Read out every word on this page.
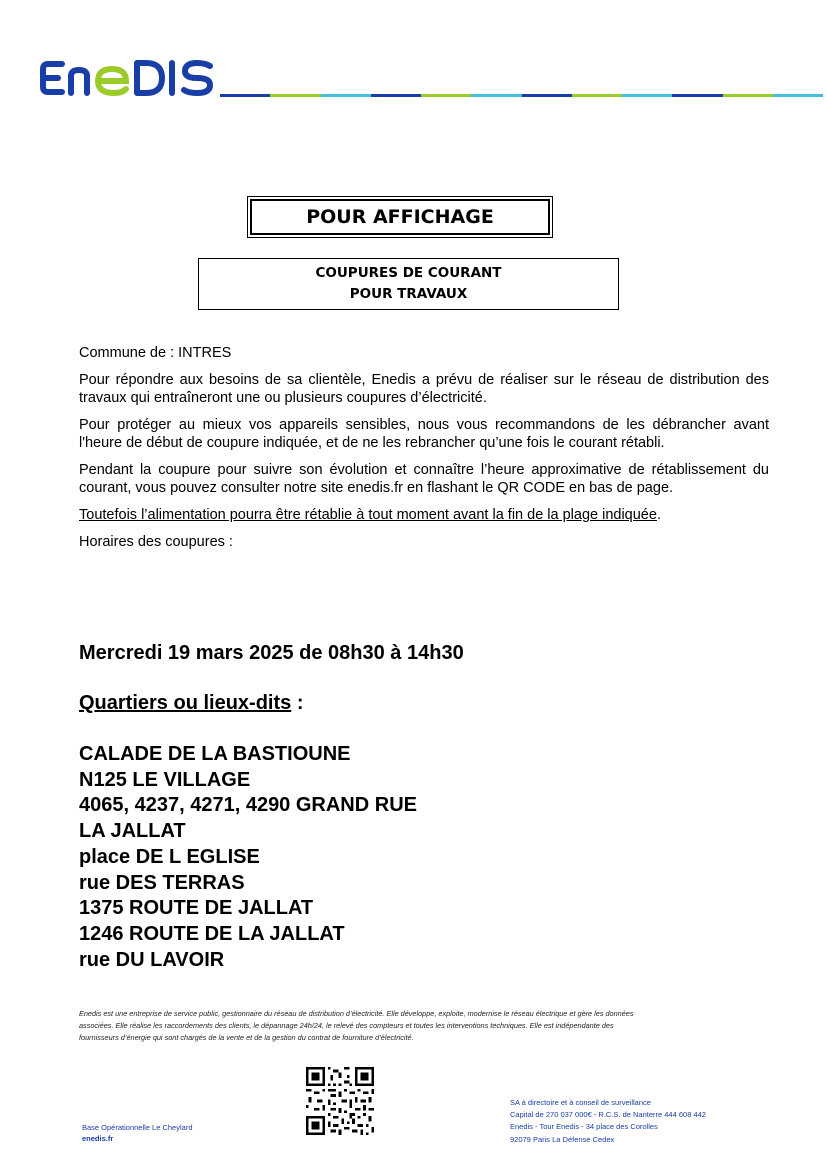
POUR AFFICHAGE
COUPURES DE COURANT
POUR TRAVAUX

Commune de : INTRES

Pour répondre aux besoins de sa clientèle, Enedis a prévu de réaliser sur le réseau de distribution des travaux qui entraîneront une ou plusieurs coupures d’électricité.

Pour protéger au mieux vos appareils sensibles, nous vous recommandons de les débrancher avant l'heure de début de coupure indiquée, et de ne les rebrancher qu’une fois le courant rétabli.

Pendant la coupure pour suivre son évolution et connaître l’heure approximative de rétablissement du courant, vous pouvez consulter notre site enedis.fr en flashant le QR CODE en bas de page.

Toutefois l’alimentation pourra être rétablie à tout moment avant la fin de la plage indiquée.

Horaires des coupures :

Mercredi 19 mars 2025 de 08h30 à 14h30
Quartiers ou lieux-dits :
CALADE DE LA BASTIOUNE
N125 LE VILLAGE
4065, 4237, 4271, 4290 GRAND RUE
LA JALLAT
place DE L EGLISE
rue DES TERRAS
1375 ROUTE DE JALLAT
1246 ROUTE DE LA JALLAT
rue DU LAVOIR
Enedis est une entreprise de service public, gestionnaire du réseau de distribution d’électricité. Elle développe, exploite, modernise le réseau électrique et gère les données
associées. Elle réalise les raccordements des clients, le dépannage 24h/24, le relevé des compteurs et toutes les interventions techniques. Elle est indépendante des
fournisseurs d’énergie qui sont chargés de la vente et de la gestion du contrat de fourniture d’électricité.
Base Opérationnelle Le Cheylard
enedis.fr
SA à directoire et à conseil de surveillance
Capital de 270 037 000€ - R.C.S. de Nanterre 444 608 442
Enedis - Tour Enedis - 34 place des Corolles
92079 Paris La Défense Cedex
